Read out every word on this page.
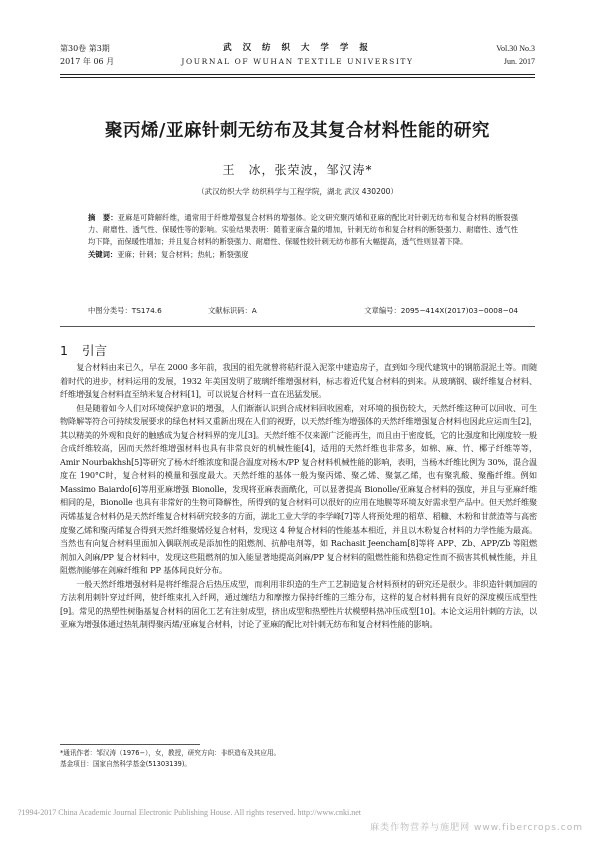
第30卷 第3期
2017 年 06 月
武 汉 纺 织 大 学 学 报
JOURNAL OF WUHAN TEXTILE UNIVERSITY
Vol.30 No.3
Jun. 2017
聚丙烯/亚麻针刺无纺布及其复合材料性能的研究
王　冰，张荣波，邹汉涛*
（武汉纺织大学 纺织科学与工程学院，湖北 武汉 430200）
摘　要：亚麻是可降解纤维，通常用于纤维增强复合材料的增强体。论文研究聚丙烯和亚麻的配比对针刺无纺布和复合材料的断裂强力、耐磨性、透气性、保暖性等的影响。实验结果表明：随着亚麻含量的增加，针刺无纺布和复合材料的断裂强力、耐磨性、透气性均下降，而保暖性增加；并且复合材料的断裂强力、耐磨性、保暖性较针刺无纺布都有大幅提高，透气性则显著下降。
关键词：亚麻；针刺；复合材料；热轧；断裂强度
中图分类号：TS174.6	文献标识码：A	文章编号：2095−414X(2017)03−0008−04
1 引言

复合材料由来已久，早在 2000 多年前，我国的祖先就曾将秸秆混入泥浆中建造房子，直到如今现代建筑中的钢筋混泥土等。而随着时代的进步，材料运用的发展，1932 年美国发明了玻璃纤维增强材料，标志着近代复合材料的到来。从玻璃钢、碳纤维复合材料、纤维增强复合材料直至纳米复合材料[1]，可以说复合材料一直在迅猛发展。

但是随着如今人们对环境保护意识的增强，人们渐渐认识到合成材料回收困难，对环境的损伤较大，天然纤维这种可以回收、可生物降解等符合可持续发展要求的绿色材料又重新出现在人们的视野，以天然纤维为增强体的天然纤维增强复合材料也因此应运而生[2]，其以精美的外观和良好的触感成为复合材料界的宠儿[3]。天然纤维不仅来源广泛能再生，而且由于密度低，它的比强度和比刚度较一般合成纤维较高，因而天然纤维增强材料也具有非常良好的机械性能[4]，适用的天然纤维也非常多，如棉、麻、竹、椰子纤维等等，Amir Nourbakhsh[5]等研究了杨木纤维浓度和混合温度对杨木/PP 复合材料机械性能的影响，表明，当杨木纤维比例为 30%，混合温度在 190°C时，复合材料的模量和强度最大。天然纤维的基体一般为聚丙烯、聚乙烯、聚氯乙烯，也有聚乳酸、聚酯纤维。例如 Massimo Baiardo[6]等用亚麻增强 Bionolle，发现将亚麻表面酰化，可以显著提高 Bionolle/亚麻复合材料的强度，并且与亚麻纤维相同的是，Bionolle 也具有非常好的生物可降解性，所得到的复合材料可以很好的应用在地膜等环境友好需求型产品中。但天然纤维聚丙烯基复合材料仍是天然纤维复合材料研究较多的方面，湖北工业大学的李学峰[7]等人将预处理的稻草、稻糠、木粉和甘蔗渣等与高密度聚乙烯和聚丙烯复合得到天然纤维聚烯烃复合材料，发现这 4 种复合材料的性能基本相近，并且以木粉复合材料的力学性能为最高。当然也有向复合材料里面加入偶联剂或是添加性的阻燃剂、抗静电剂等，如 Rachasit Jeencham[8]等将 APP、Zb、APP/Zb 等阻燃剂加入剑麻/PP 复合材料中，发现这些阻燃剂的加入能显著地提高剑麻/PP 复合材料的阻燃性能和热稳定性而不损害其机械性能，并且阻燃剂能够在剑麻纤维和 PP 基体间良好分布。

一般天然纤维增强材料是将纤维混合后热压成型，而利用非织造的生产工艺制造复合材料预材的研究还是很少。非织造针刺加固的方法利用刺针穿过纤网，使纤维束扎入纤网，通过缠结力和摩擦力保持纤维的三维分布，这样的复合材料拥有良好的深度模压成型性[9]。常见的热塑性树脂基复合材料的固化工艺有注射成型，挤出成型和热塑性片状模塑料热冲压成型[10]。本论文运用针刺的方法，以亚麻为增强体通过热轧制得聚丙烯/亚麻复合材料，讨论了亚麻的配比对针刺无纺布和复合材料性能的影响。

*通讯作者：邹汉涛（1976−），女，教授，研究方向：非织造布及其应用。
基金项目：国家自然科学基金(51303139)。
?1994-2017 China Academic Journal Electronic Publishing House. All rights reserved. http://www.cnki.net
麻类作物营养与施肥网 www.fibercrops.com
